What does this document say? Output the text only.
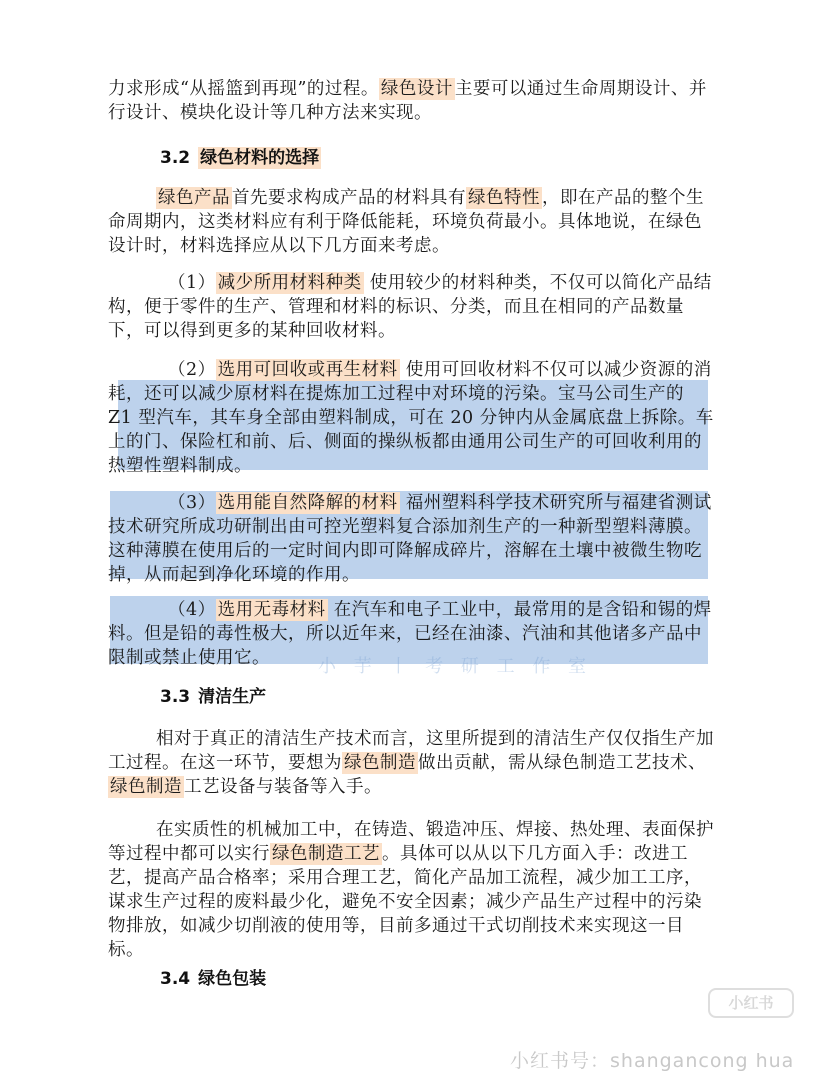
力求形成“从摇篮到再现”的过程。 绿色设计 主要可以通过生命周期设计、并行设计、模块化设计等几种方法来实现。

3.2 绿色材料的选择

绿色产品 首先要求构成产品的材料具有 绿色特性 ，即在产品的整个生命周期内，这类材料应有利于降低能耗，环境负荷最小。具体地说，在绿色设计时，材料选择应从以下几方面来考虑。

（1） 减少所用材料种类 使用较少的材料种类，不仅可以简化产品结构，便于零件的生产、管理和材料的标识、分类，而且在相同的产品数量下，可以得到更多的某种回收材料。

（2） 选用可回收或再生材料 使用可回收材料不仅可以减少资源的消耗，还可以减少原材料在提炼加工过程中对环境的污染。宝马公司生产的 Z1 型汽车，其车身全部由塑料制成，可在 20 分钟内从金属底盘上拆除。车上的门、保险杠和前、后、侧面的操纵板都由通用公司生产的可回收利用的热塑性塑料制成。

（3） 选用能自然降解的材料 福州塑料科学技术研究所与福建省测试技术研究所成功研制出由可控光塑料复合添加剂生产的一种新型塑料薄膜。这种薄膜在使用后的一定时间内即可降解成碎片，溶解在土壤中被微生物吃掉，从而起到净化环境的作用。

（4） 选用无毒材料 在汽车和电子工业中，最常用的是含铅和锡的焊料。但是铅的毒性极大，所以近年来，已经在油漆、汽油和其他诸多产品中限制或禁止使用它。	小 芋 丨 考 研 工 作 室
3.3 清洁生产

相对于真正的清洁生产技术而言，这里所提到的清洁生产仅仅指生产加工过程。在这一环节，要想为 绿色制造 做出贡献，需从绿色制造工艺技术、绿色制造 工艺设备与装备等入手。

在实质性的机械加工中，在铸造、锻造冲压、焊接、热处理、表面保护等过程中都可以实行 绿色制造工艺 。具体可以从以下几方面入手：改进工艺，提高产品合格率；采用合理工艺，简化产品加工流程，减少加工工序，谋求生产过程的废料最少化，避免不安全因素；减少产品生产过程中的污染物排放，如减少切削液的使用等，目前多通过干式切削技术来实现这一目标。

3.4 绿色包装
小红书
小红书号：shangancong hua
